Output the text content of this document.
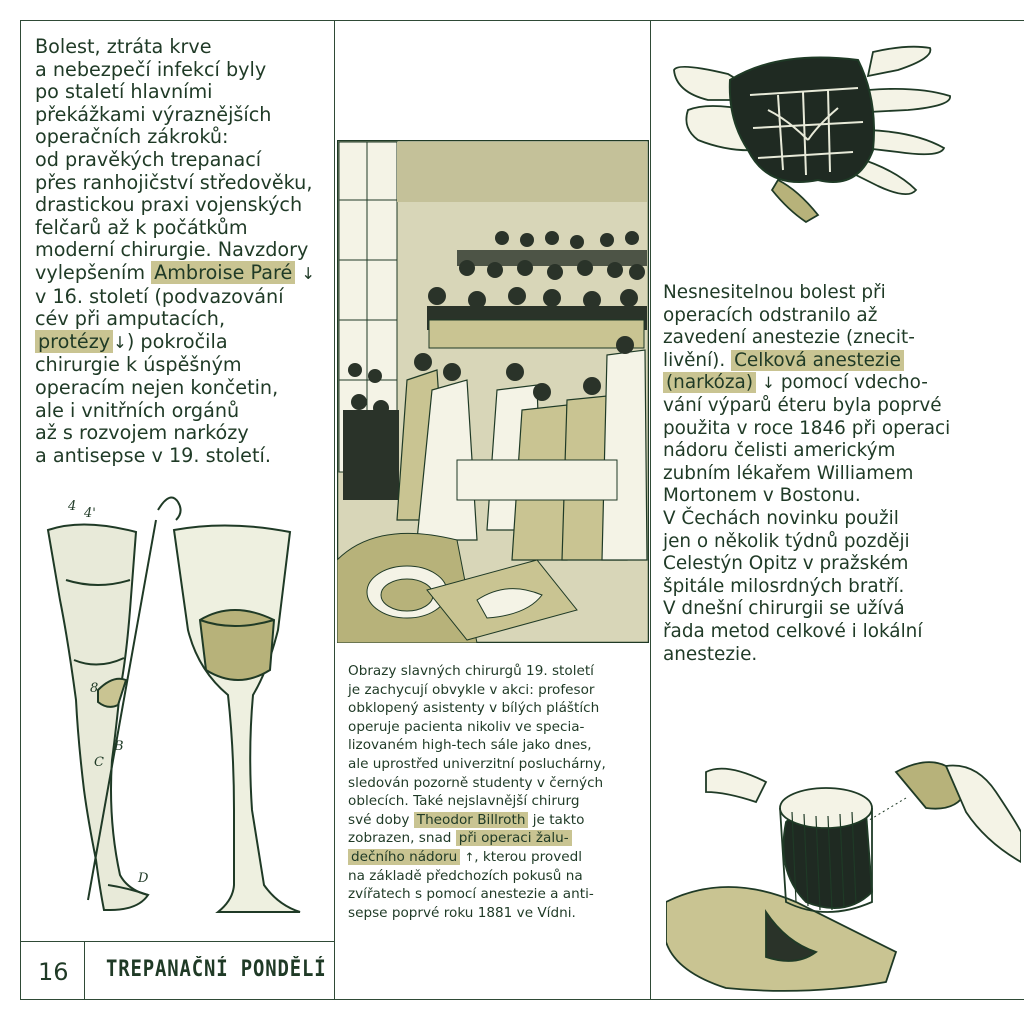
Bolest, ztráta krve
a nebezpečí infekcí byly
po staletí hlavními
překážkami výraznějších
operačních zákroků:
od pravěkých trepanací
přes ranhojičství středověku,
drastickou praxi vojenských
felčarů až k počátkům
moderní chirurgie. Navzdory
vylepšením Ambroise Paré ↓
v 16. století (podvazování
cév při amputacích,
protézy ↓) pokročila
chirurgie k úspěšným
operacím nejen končetin,
ale i vnitřních orgánů
až s rozvojem narkózy
a antisepse v 19. století.
4 4'
8
B
C
D
16 TREPANAČNÍ PONDĚLÍ
Obrazy slavných chirurgů 19. století
je zachycují obvykle v akci: profesor
obklopený asistenty v bílých pláštích
operuje pacienta nikoliv ve specia-
lizovaném high-tech sále jako dnes,
ale uprostřed univerzitní posluchárny,
sledován pozorně studenty v černých
oblecích. Také nejslavnější chirurg
své doby Theodor Billroth je takto
zobrazen, snad při operaci žalu-
dečního nádoru ↑, kterou provedl
na základě předchozích pokusů na
zvířatech s pomocí anestezie a anti-
sepse poprvé roku 1881 ve Vídni.
Nesnesitelnou bolest při
operacích odstranilo až
zavedení anestezie (znecit-
livění). Celková anestezie
(narkóza) ↓ pomocí vdecho-
vání výparů éteru byla poprvé
použita v roce 1846 při operaci
nádoru čelisti americkým
zubním lékařem Williamem
Mortonem v Bostonu.
V Čechách novinku použil
jen o několik týdnů později
Celestýn Opitz v pražském
špitále milosrdných bratří.
V dnešní chirurgii se užívá
řada metod celkové i lokální
anestezie.
